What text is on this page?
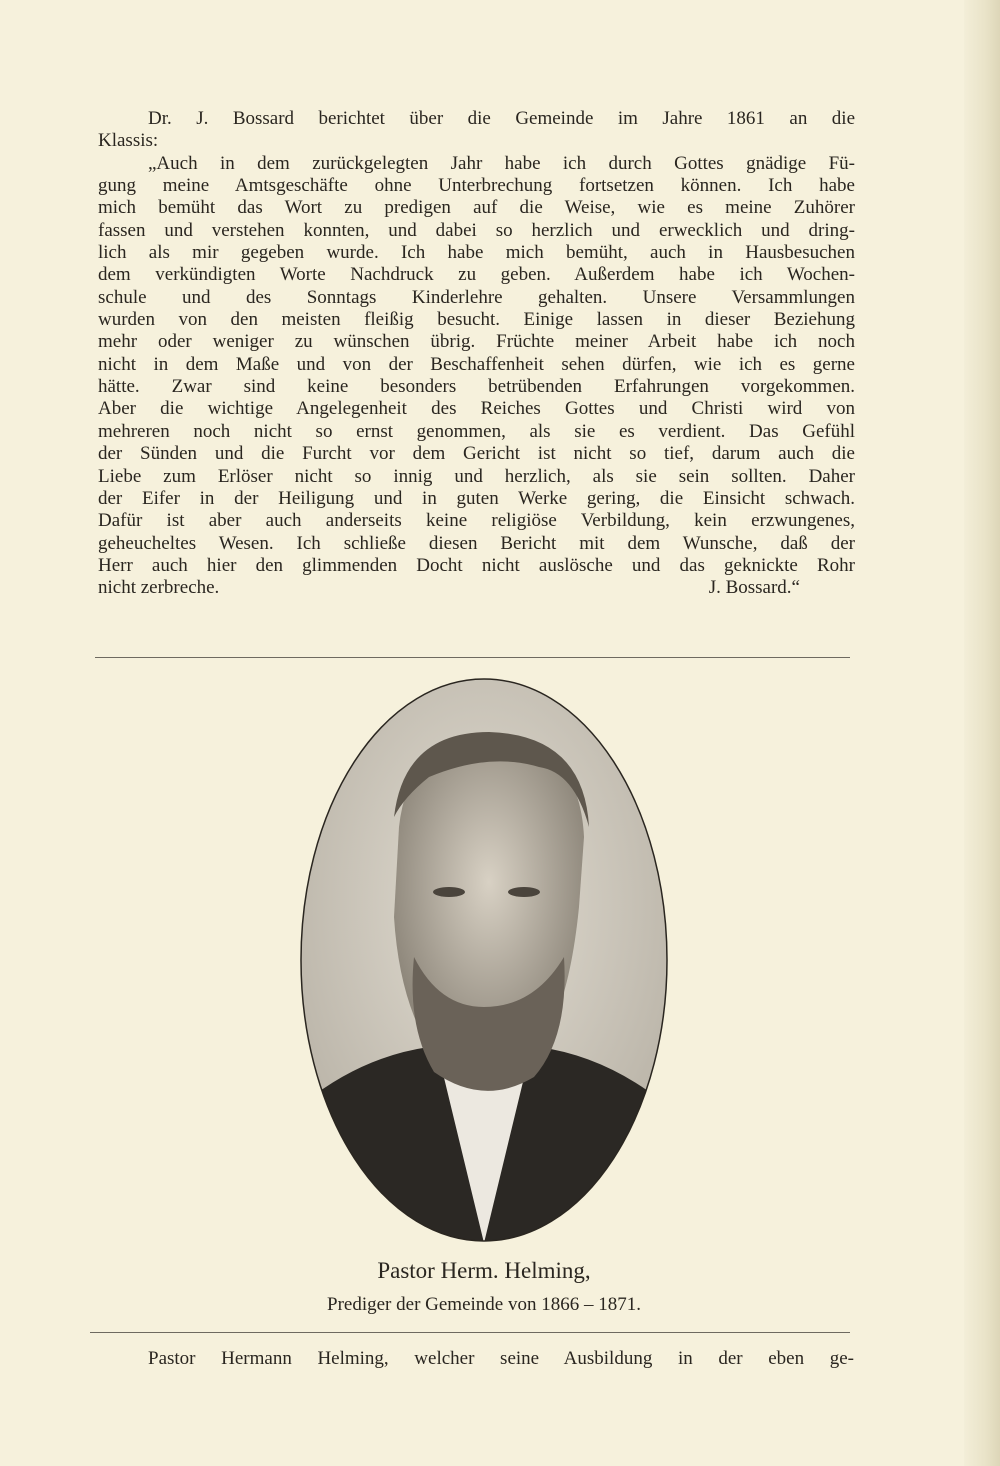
Dr. J. Bossard berichtet über die Gemeinde im Jahre 1861 an die
Klassis:
„Auch in dem zurückgelegten Jahr habe ich durch Gottes gnädige Fü-
gung meine Amtsgeschäfte ohne Unterbrechung fortsetzen können. Ich habe
mich bemüht das Wort zu predigen auf die Weise, wie es meine Zuhörer
fassen und verstehen konnten, und dabei so herzlich und erwecklich und dring-
lich als mir gegeben wurde. Ich habe mich bemüht, auch in Hausbesuchen
dem verkündigten Worte Nachdruck zu geben. Außerdem habe ich Wochen-
schule und des Sonntags Kinderlehre gehalten. Unsere Versammlungen
wurden von den meisten fleißig besucht. Einige lassen in dieser Beziehung
mehr oder weniger zu wünschen übrig. Früchte meiner Arbeit habe ich noch
nicht in dem Maße und von der Beschaffenheit sehen dürfen, wie ich es gerne
hätte. Zwar sind keine besonders betrübenden Erfahrungen vorgekommen.
Aber die wichtige Angelegenheit des Reiches Gottes und Christi wird von
mehreren noch nicht so ernst genommen, als sie es verdient. Das Gefühl
der Sünden und die Furcht vor dem Gericht ist nicht so tief, darum auch die
Liebe zum Erlöser nicht so innig und herzlich, als sie sein sollten. Daher
der Eifer in der Heiligung und in guten Werke gering, die Einsicht schwach.
Dafür ist aber auch anderseits keine religiöse Verbildung, kein erzwungenes,
geheucheltes Wesen. Ich schließe diesen Bericht mit dem Wunsche, daß der
Herr auch hier den glimmenden Docht nicht auslösche und das geknickte Rohr
nicht zerbreche.	J. Bossard.“
Pastor Herm. Helming,
Prediger der Gemeinde von 1866 – 1871.
Pastor Hermann Helming, welcher seine Ausbildung in der eben ge-
